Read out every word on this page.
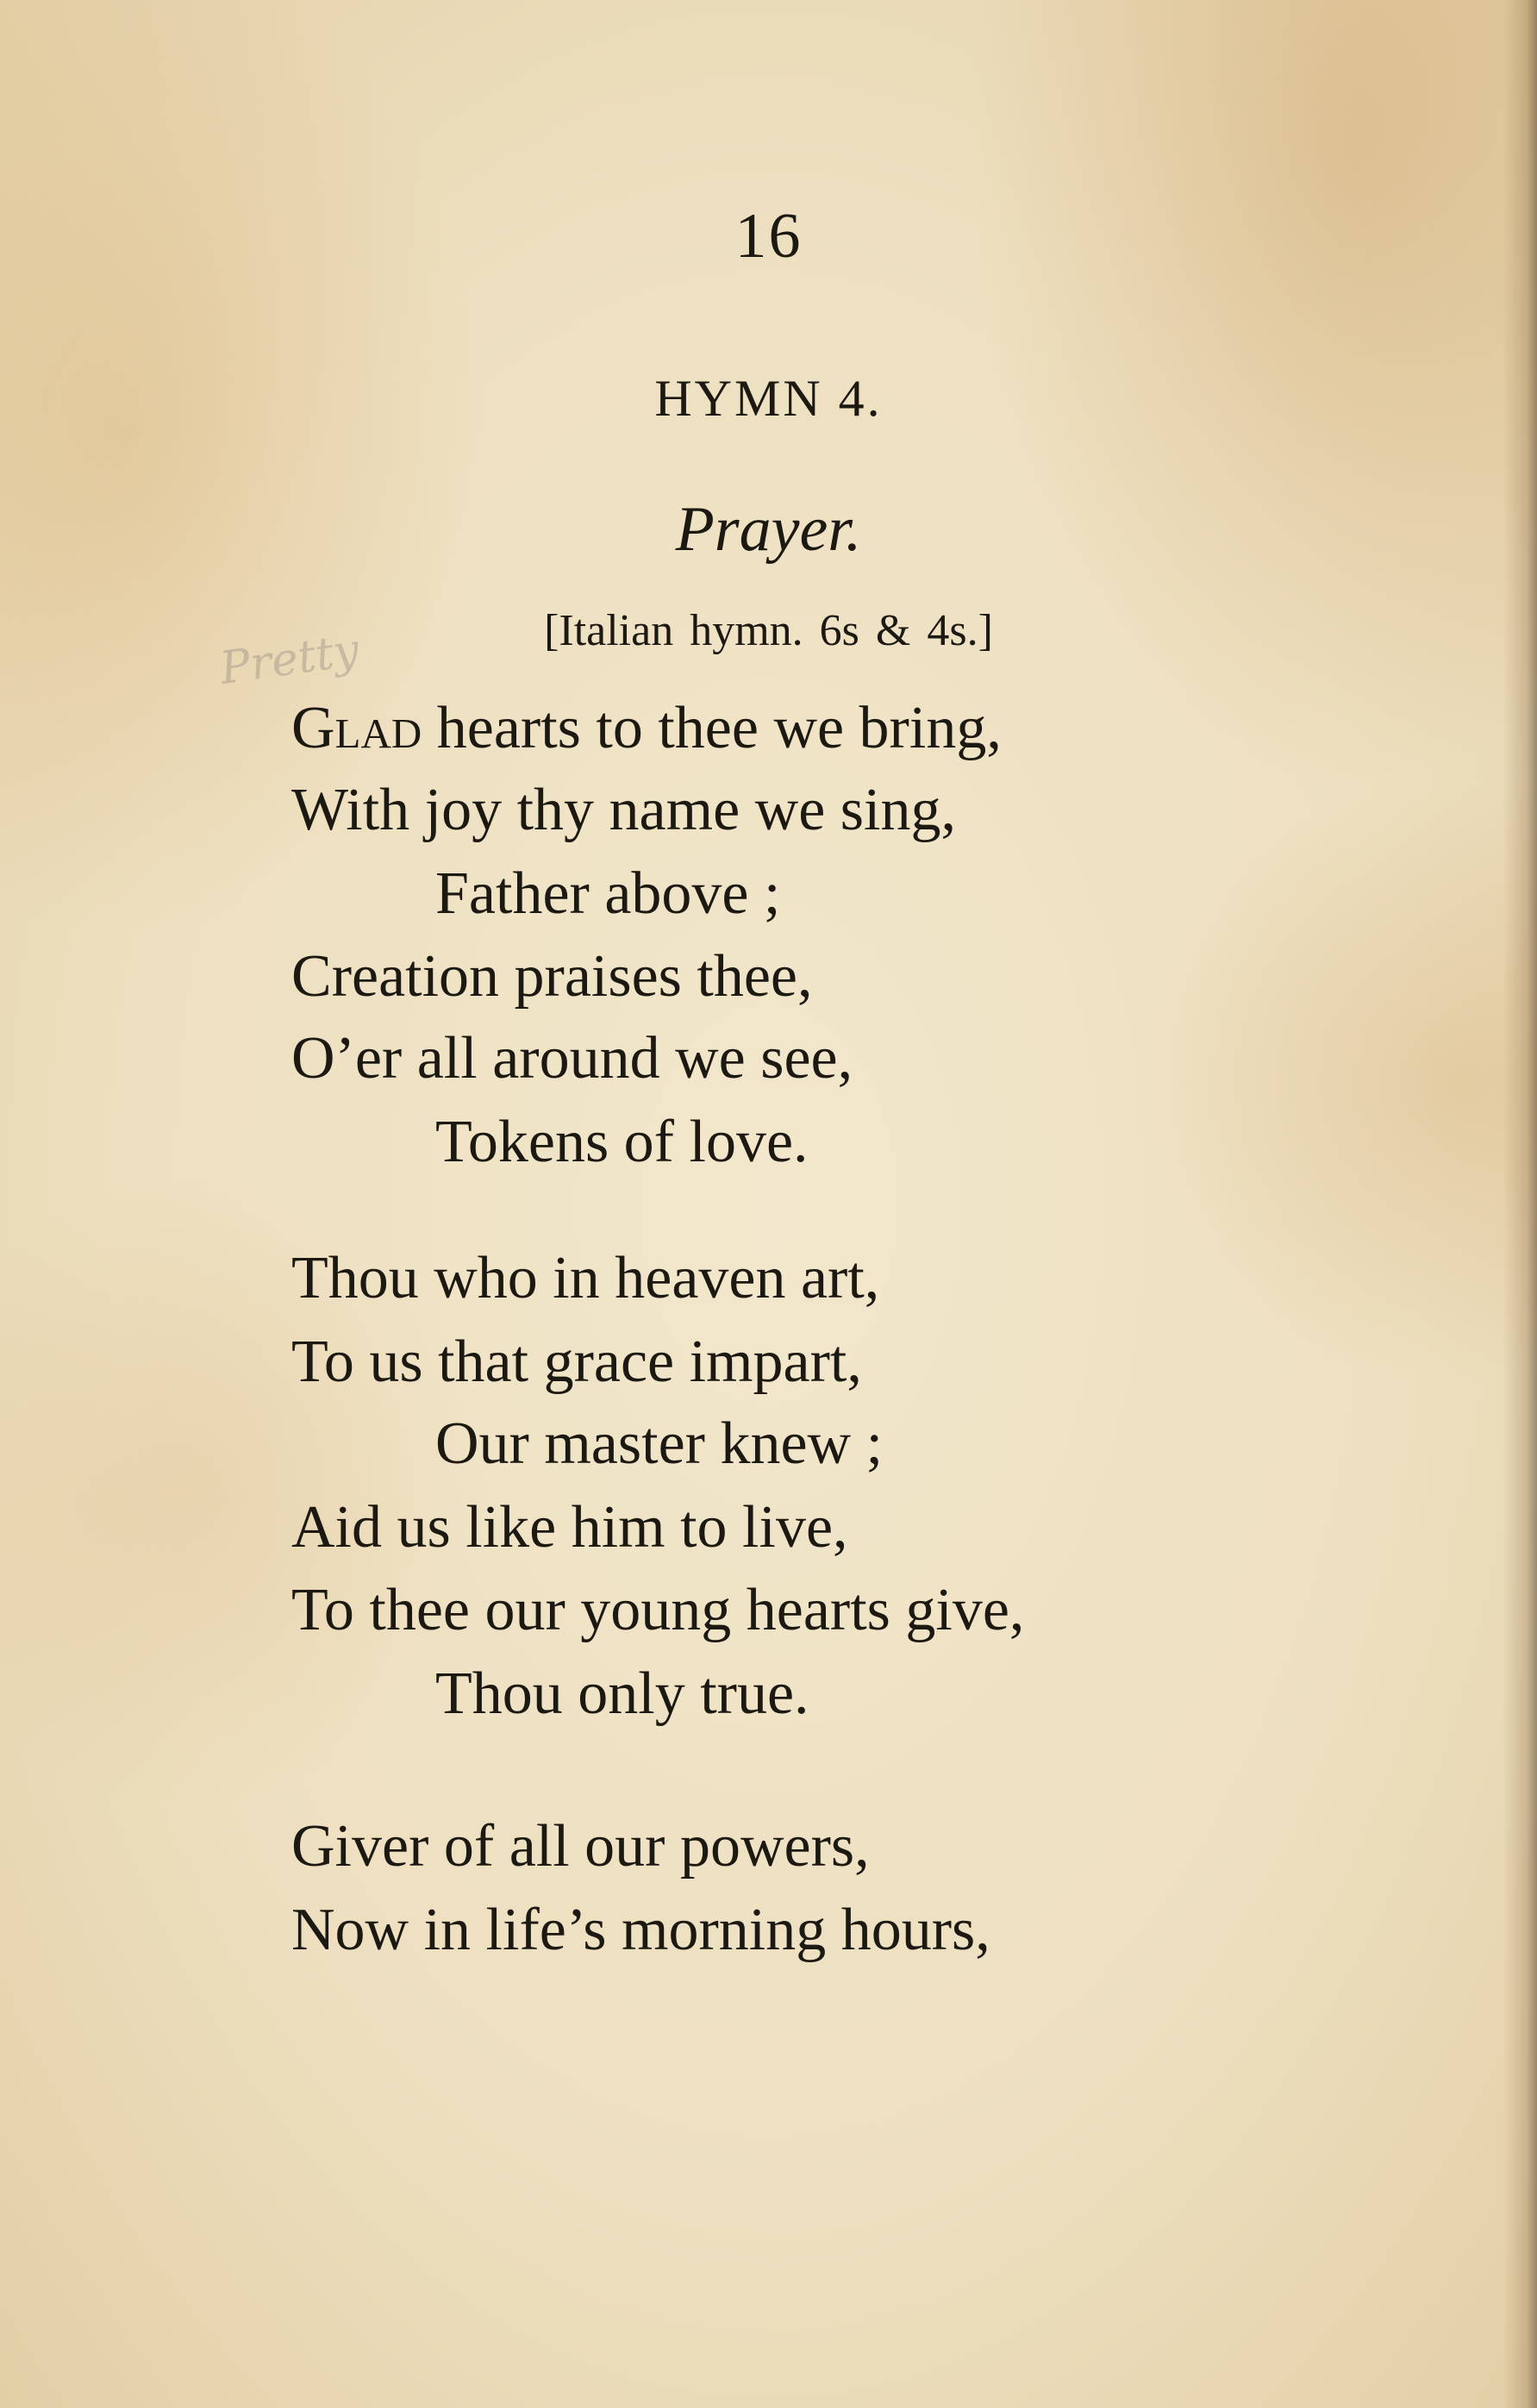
16
HYMN 4.
Prayer.
[Italian hymn. 6s & 4s.]
Pretty
Glad hearts to thee we bring,
With joy thy name we sing,
Father above ;
Creation praises thee,
O’er all around we see,
Tokens of love.
Thou who in heaven art,
To us that grace impart,
Our master knew ;
Aid us like him to live,
To thee our young hearts give,
Thou only true.
Giver of all our powers,
Now in life’s morning hours,
